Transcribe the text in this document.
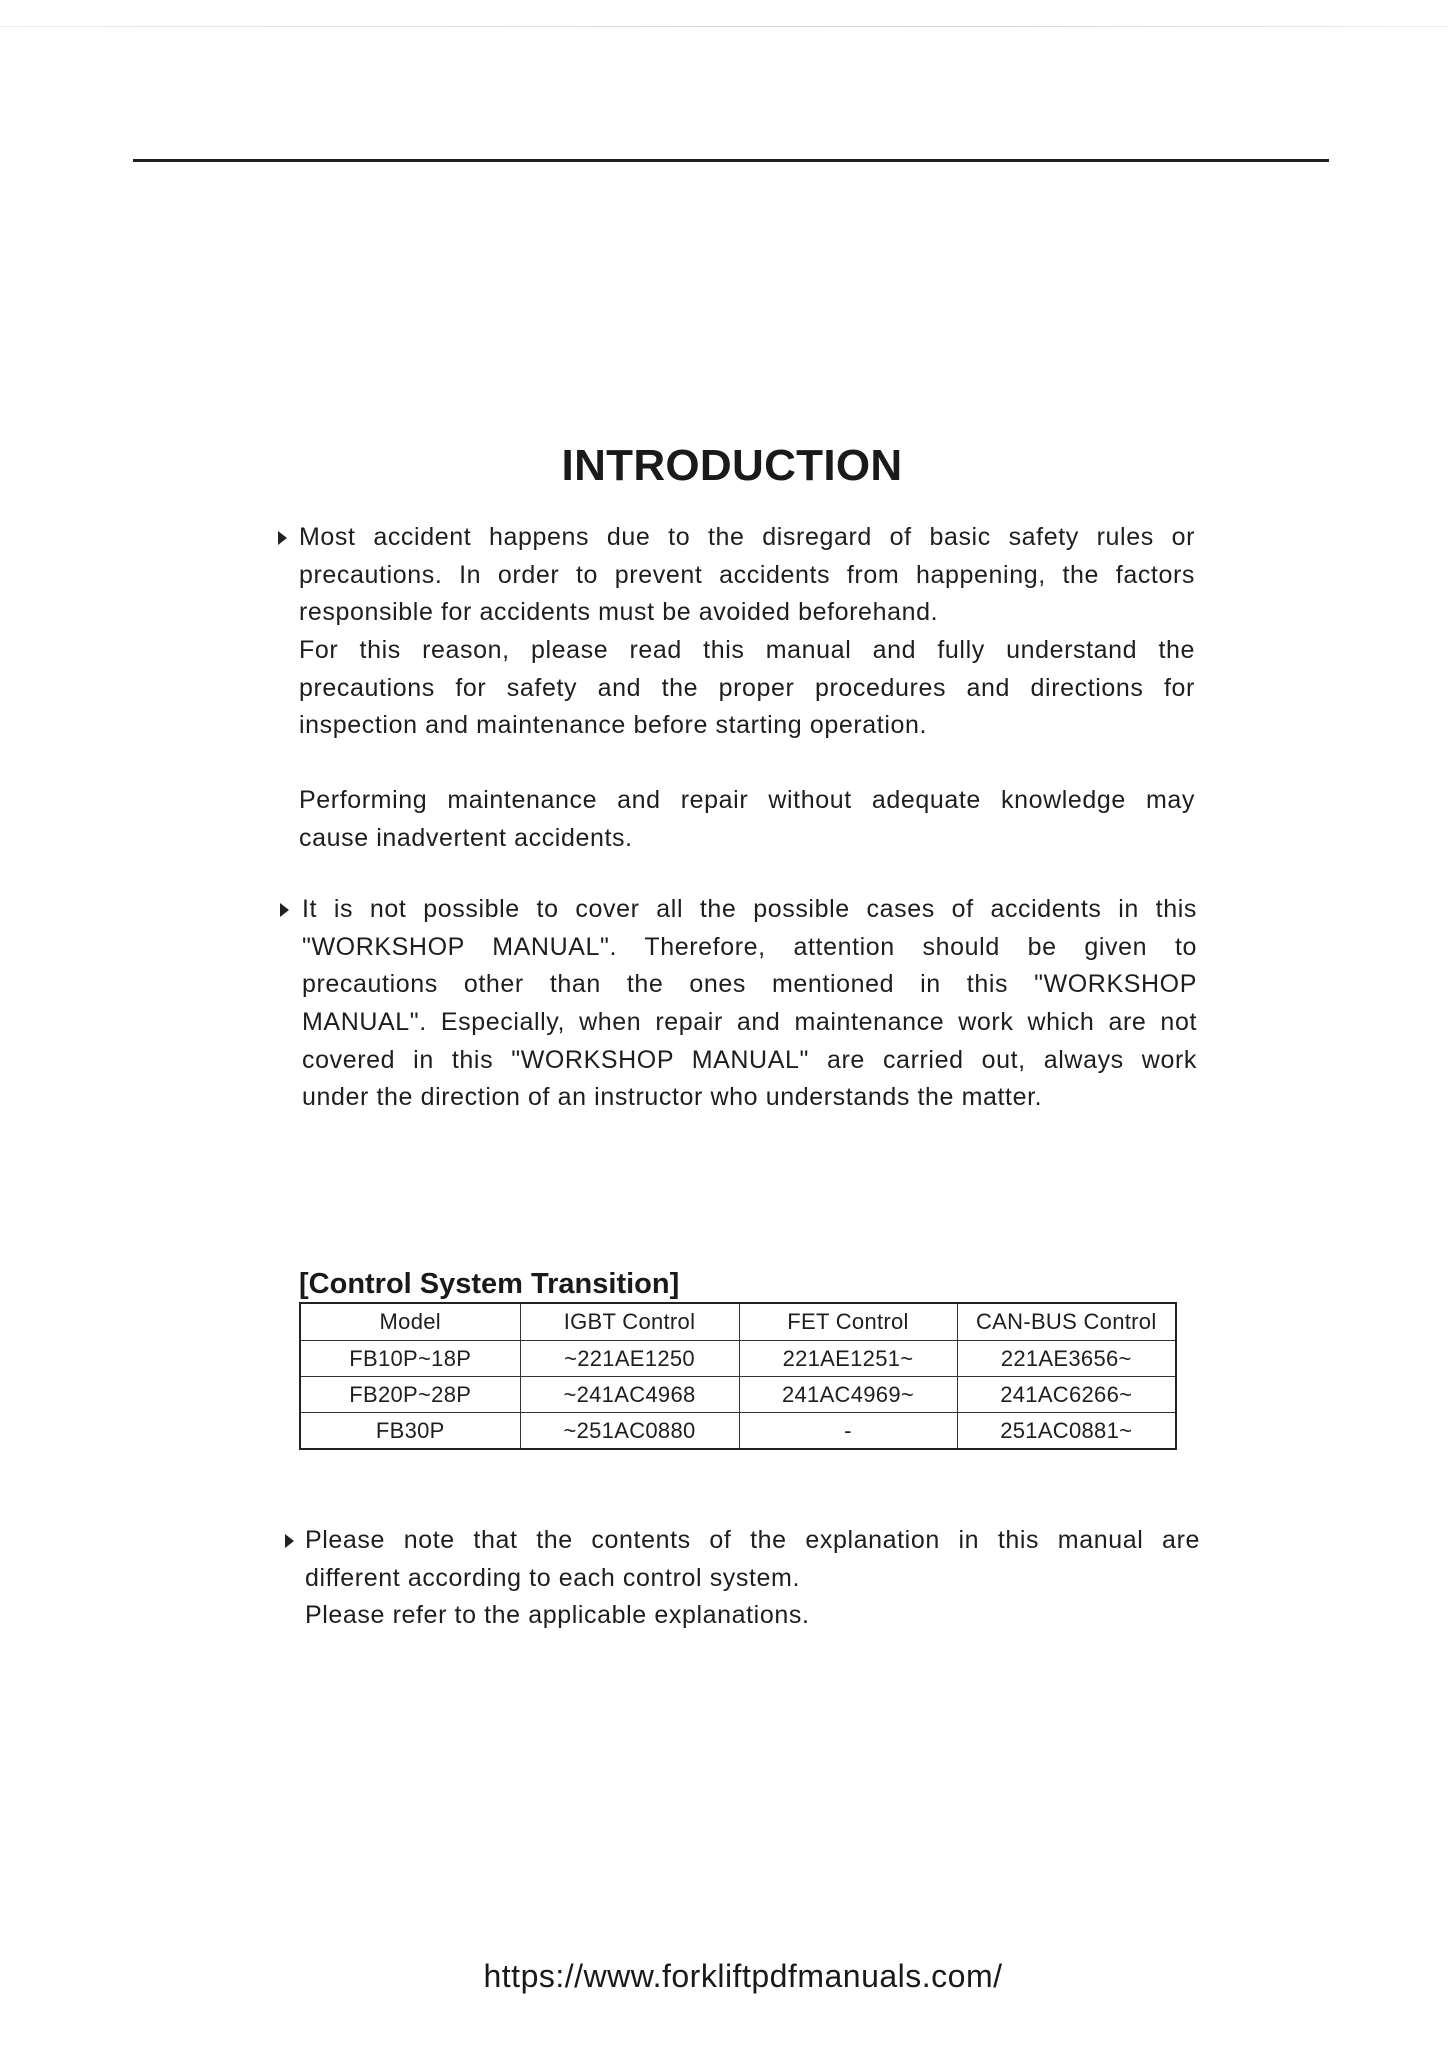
INTRODUCTION
Most accident happens due to the disregard of basic safety rules or
precautions. In order to prevent accidents from happening, the factors
responsible for accidents must be avoided beforehand.
For this reason, please read this manual and fully understand the
precautions for safety and the proper procedures and directions for
inspection and maintenance before starting operation.
Performing maintenance and repair without adequate knowledge may
cause inadvertent accidents.
It is not possible to cover all the possible cases of accidents in this
"WORKSHOP MANUAL". Therefore, attention should be given to
precautions other than the ones mentioned in this "WORKSHOP
MANUAL". Especially, when repair and maintenance work which are not
covered in this "WORKSHOP MANUAL" are carried out, always work
under the direction of an instructor who understands the matter.
[Control System Transition]
Model	IGBT Control	FET Control	CAN-BUS Control
FB10P~18P	~221AE1250	221AE1251~	221AE3656~
FB20P~28P	~241AC4968	241AC4969~	241AC6266~
FB30P	~251AC0880	-	251AC0881~
Please note that the contents of the explanation in this manual are
different according to each control system.
Please refer to the applicable explanations.
https://www.forkliftpdfmanuals.com/
